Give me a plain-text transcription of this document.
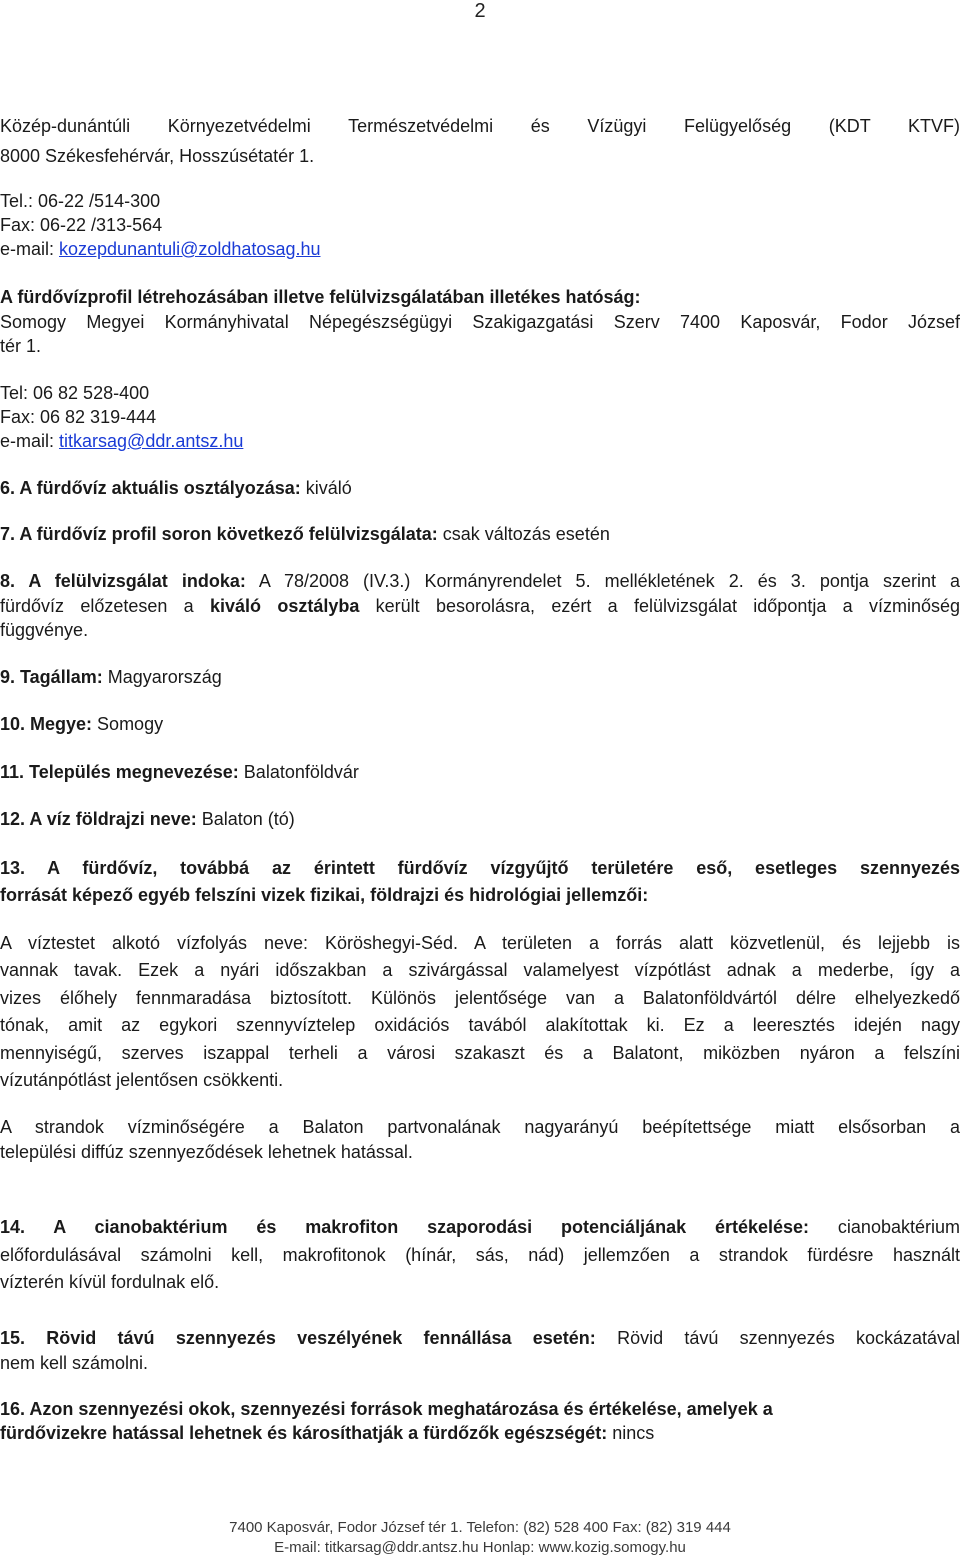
2
Közép-dunántúli Környezetvédelmi Természetvédelmi és Vízügyi Felügyelőség (KDT KTVF)
8000 Székesfehérvár, Hosszúsétatér 1.
Tel.: 06-22 /514-300
Fax: 06-22 /313-564
e-mail: kozepdunantuli@zoldhatosag.hu
A fürdővízprofil létrehozásában illetve felülvizsgálatában illetékes hatóság:
Somogy Megyei Kormányhivatal Népegészségügyi Szakigazgatási Szerv 7400 Kaposvár, Fodor József
tér 1.
Tel: 06 82 528-400
Fax: 06 82 319-444
e-mail: titkarsag@ddr.antsz.hu
6. A fürdővíz aktuális osztályozása: kiváló
7. A fürdővíz profil soron következő felülvizsgálata: csak változás esetén
8. A felülvizsgálat indoka: A 78/2008 (IV.3.) Kormányrendelet 5. mellékletének 2. és 3. pontja szerint a
fürdővíz előzetesen a kiváló osztályba került besorolásra, ezért a felülvizsgálat időpontja a vízminőség
függvénye.
9. Tagállam: Magyarország
10. Megye: Somogy
11. Település megnevezése: Balatonföldvár
12. A víz földrajzi neve: Balaton (tó)
13. A fürdővíz, továbbá az érintett fürdővíz vízgyűjtő területére eső, esetleges szennyezés
forrását képező egyéb felszíni vizek fizikai, földrajzi és hidrológiai jellemzői:
A víztestet alkotó vízfolyás neve: Köröshegyi-Séd. A területen a forrás alatt közvetlenül, és lejjebb is
vannak tavak. Ezek a nyári időszakban a szivárgással valamelyest vízpótlást adnak a mederbe, így a
vizes élőhely fennmaradása biztosított. Különös jelentősége van a Balatonföldvártól délre elhelyezkedő
tónak, amit az egykori szennyvíztelep oxidációs tavából alakítottak ki. Ez a leeresztés idején nagy
mennyiségű, szerves iszappal terheli a városi szakaszt és a Balatont, miközben nyáron a felszíni
vízutánpótlást jelentősen csökkenti.
A strandok vízminőségére a Balaton partvonalának nagyarányú beépítettsége miatt elsősorban a
települési diffúz szennyeződések lehetnek hatással.
14. A cianobaktérium és makrofiton szaporodási potenciáljának értékelése: cianobaktérium
előfordulásával számolni kell, makrofitonok (hínár, sás, nád) jellemzően a strandok fürdésre használt
vízterén kívül fordulnak elő.
15. Rövid távú szennyezés veszélyének fennállása esetén: Rövid távú szennyezés kockázatával
nem kell számolni.
16. Azon szennyezési okok, szennyezési források meghatározása és értékelése, amelyek a
fürdővizekre hatással lehetnek és károsíthatják a fürdőzők egészségét: nincs
7400 Kaposvár, Fodor József tér 1. Telefon: (82) 528 400 Fax: (82) 319 444
E-mail: titkarsag@ddr.antsz.hu Honlap: www.kozig.somogy.hu
